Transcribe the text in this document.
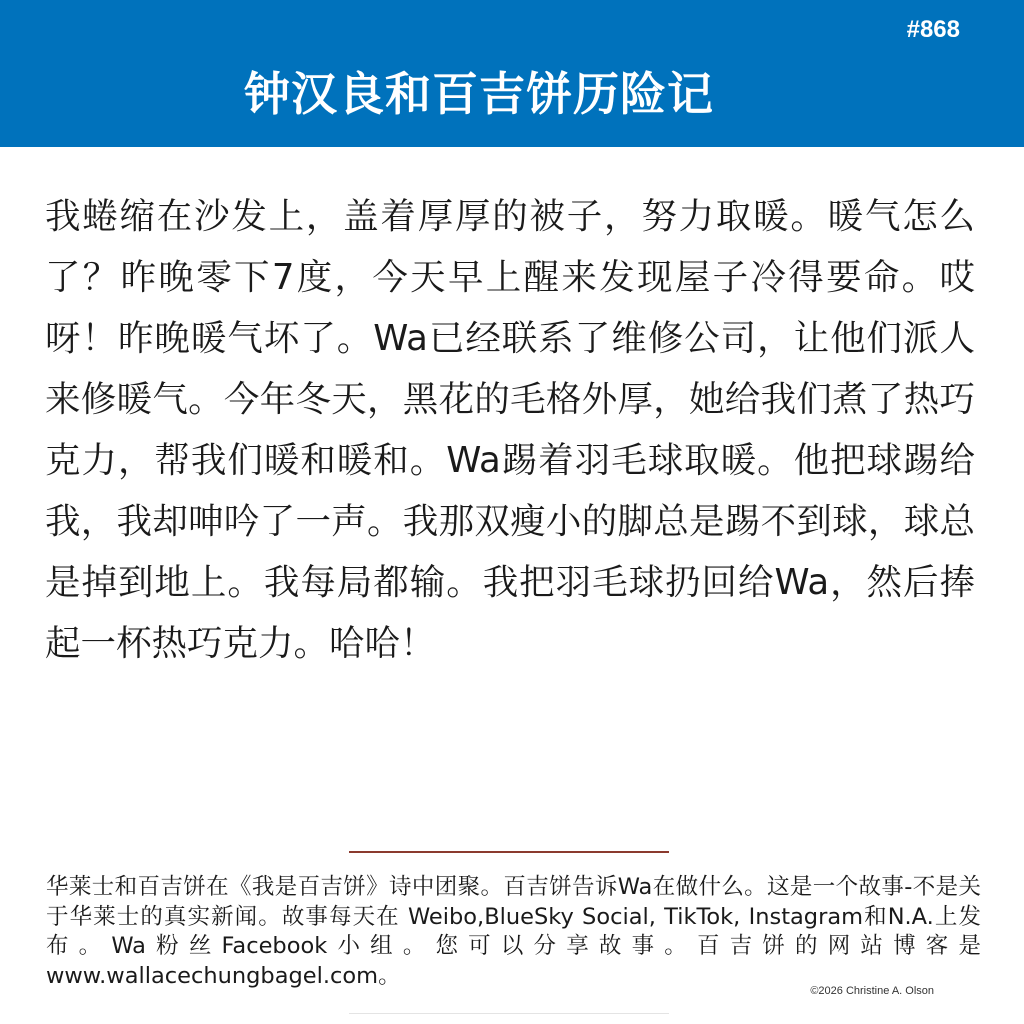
#868
钟汉良和百吉饼历险记
我蜷缩在沙发上，盖着厚厚的被子，努力取暖。暖气怎么了？昨晚零下7度，今天早上醒来发现屋子冷得要命。哎呀！昨晚暖气坏了。Wa已经联系了维修公司，让他们派人来修暖气。今年冬天，黑花的毛格外厚，她给我们煮了热巧克力，帮我们暖和暖和。Wa踢着羽毛球取暖。他把球踢给我，我却呻吟了一声。我那双瘦小的脚总是踢不到球，球总是掉到地上。我每局都输。我把羽毛球扔回给Wa，然后捧起一杯热巧克力。哈哈！
华莱士和百吉饼在《我是百吉饼》诗中团聚。百吉饼告诉Wa在做什么。这是一个故事-不是关于华莱士的真实新闻。故事每天在 Weibo,BlueSky Social, TikTok, Instagram和N.A.上发布。Wa粉丝Facebook小组。您可以分享故事。百吉饼的网站博客是www.wallacechungbagel.com。
©2026 Christine A. Olson
